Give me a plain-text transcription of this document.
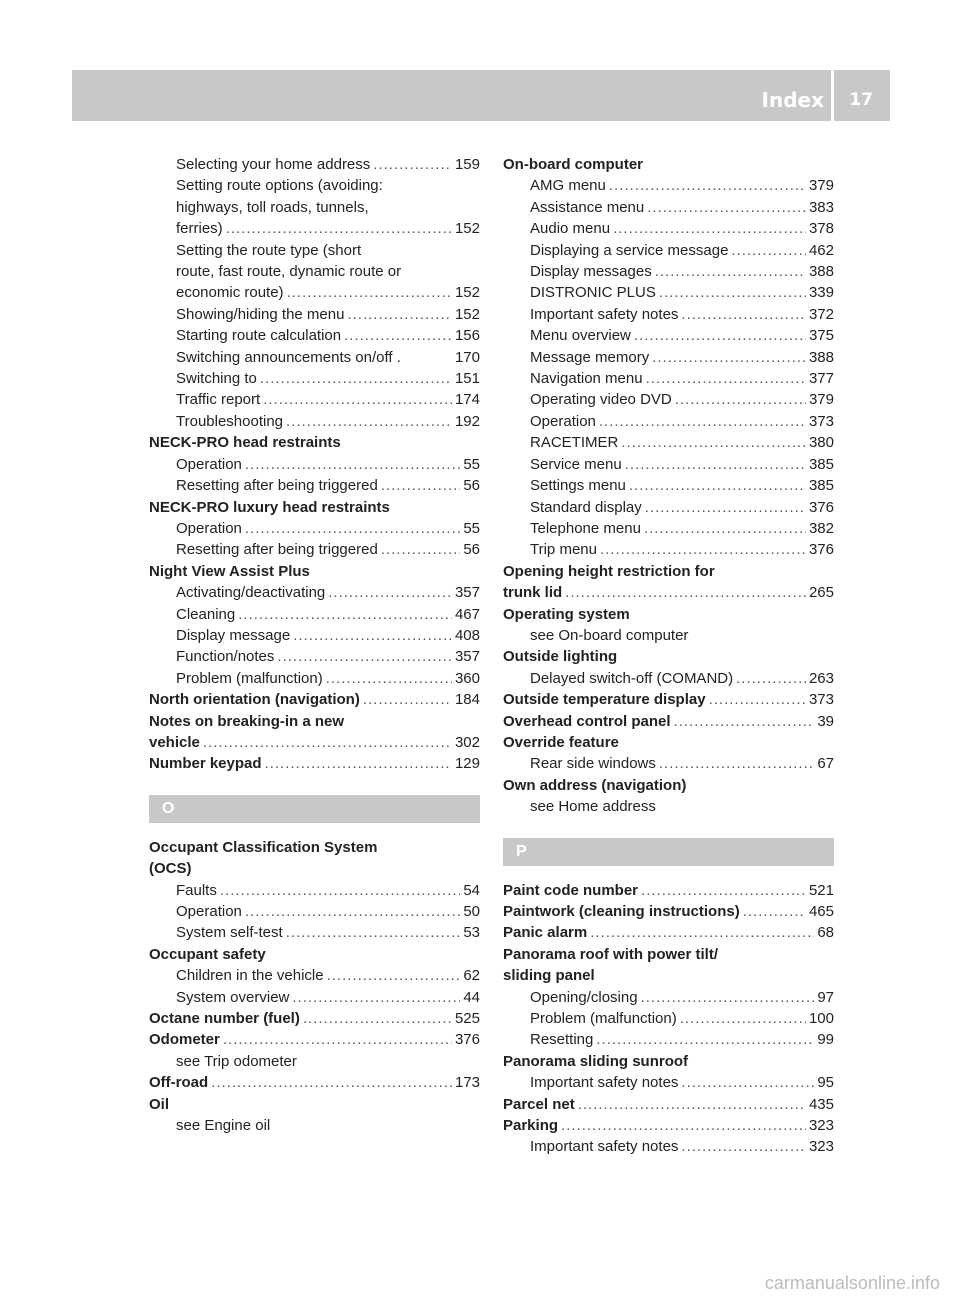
Index 17
Selecting your home address .....	159
Setting route options (avoiding:
highways, toll roads, tunnels,
ferries) .....	152
Setting the route type (short
route, fast route, dynamic route or
economic route) .....	152
Showing/hiding the menu .....	152
Starting route calculation .....	156
Switching announcements on/off .	170
Switching to .....	151
Traffic report .....	174
Troubleshooting .....	192
NECK-PRO head restraints
Operation .....	55
Resetting after being triggered .....	56
NECK-PRO luxury head restraints
Operation .....	55
Resetting after being triggered .....	56
Night View Assist Plus
Activating/deactivating .....	357
Cleaning .....	467
Display message .....	408
Function/notes .....	357
Problem (malfunction) .....	360
North orientation (navigation) .....	184
Notes on breaking-in a new
vehicle .....	302
Number keypad .....	129
O
Occupant Classification System
(OCS)
Faults .....	54
Operation .....	50
System self-test .....	53
Occupant safety
Children in the vehicle .....	62
System overview .....	44
Octane number (fuel) .....	525
Odometer .....	376
see Trip odometer
Off-road .....	173
Oil
see Engine oil
On-board computer
AMG menu .....	379
Assistance menu .....	383
Audio menu .....	378
Displaying a service message .....	462
Display messages .....	388
DISTRONIC PLUS .....	339
Important safety notes .....	372
Menu overview .....	375
Message memory .....	388
Navigation menu .....	377
Operating video DVD .....	379
Operation .....	373
RACETIMER .....	380
Service menu .....	385
Settings menu .....	385
Standard display .....	376
Telephone menu .....	382
Trip menu .....	376
Opening height restriction for
trunk lid .....	265
Operating system
see On-board computer
Outside lighting
Delayed switch-off (COMAND) .....	263
Outside temperature display .....	373
Overhead control panel .....	39
Override feature
Rear side windows .....	67
Own address (navigation)
see Home address
P
Paint code number .....	521
Paintwork (cleaning instructions) .....	465
Panic alarm .....	68
Panorama roof with power tilt/
sliding panel
Opening/closing .....	97
Problem (malfunction) .....	100
Resetting .....	99
Panorama sliding sunroof
Important safety notes .....	95
Parcel net .....	435
Parking .....	323
Important safety notes .....	323
carmanualsonline.info
